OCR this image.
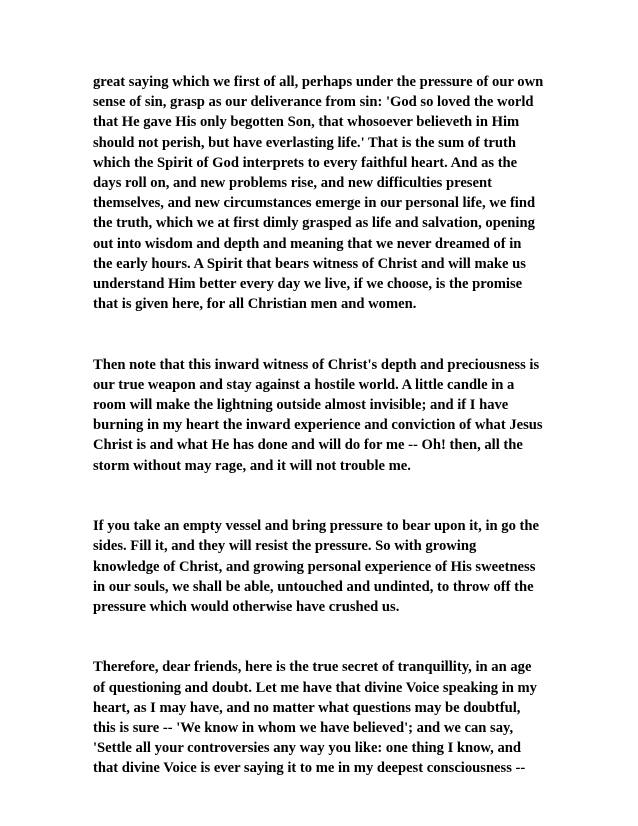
great saying which we first of all, perhaps under the pressure of our own
sense of sin, grasp as our deliverance from sin: 'God so loved the world
that He gave His only begotten Son, that whosoever believeth in Him
should not perish, but have everlasting life.' That is the sum of truth
which the Spirit of God interprets to every faithful heart. And as the
days roll on, and new problems rise, and new difficulties present
themselves, and new circumstances emerge in our personal life, we find
the truth, which we at first dimly grasped as life and salvation, opening
out into wisdom and depth and meaning that we never dreamed of in
the early hours. A Spirit that bears witness of Christ and will make us
understand Him better every day we live, if we choose, is the promise
that is given here, for all Christian men and women.

Then note that this inward witness of Christ's depth and preciousness is
our true weapon and stay against a hostile world. A little candle in a
room will make the lightning outside almost invisible; and if I have
burning in my heart the inward experience and conviction of what Jesus
Christ is and what He has done and will do for me -- Oh! then, all the
storm without may rage, and it will not trouble me.

If you take an empty vessel and bring pressure to bear upon it, in go the
sides. Fill it, and they will resist the pressure. So with growing
knowledge of Christ, and growing personal experience of His sweetness
in our souls, we shall be able, untouched and undinted, to throw off the
pressure which would otherwise have crushed us.

Therefore, dear friends, here is the true secret of tranquillity, in an age
of questioning and doubt. Let me have that divine Voice speaking in my
heart, as I may have, and no matter what questions may be doubtful,
this is sure -- 'We know in whom we have believed'; and we can say,
'Settle all your controversies any way you like: one thing I know, and
that divine Voice is ever saying it to me in my deepest consciousness --
